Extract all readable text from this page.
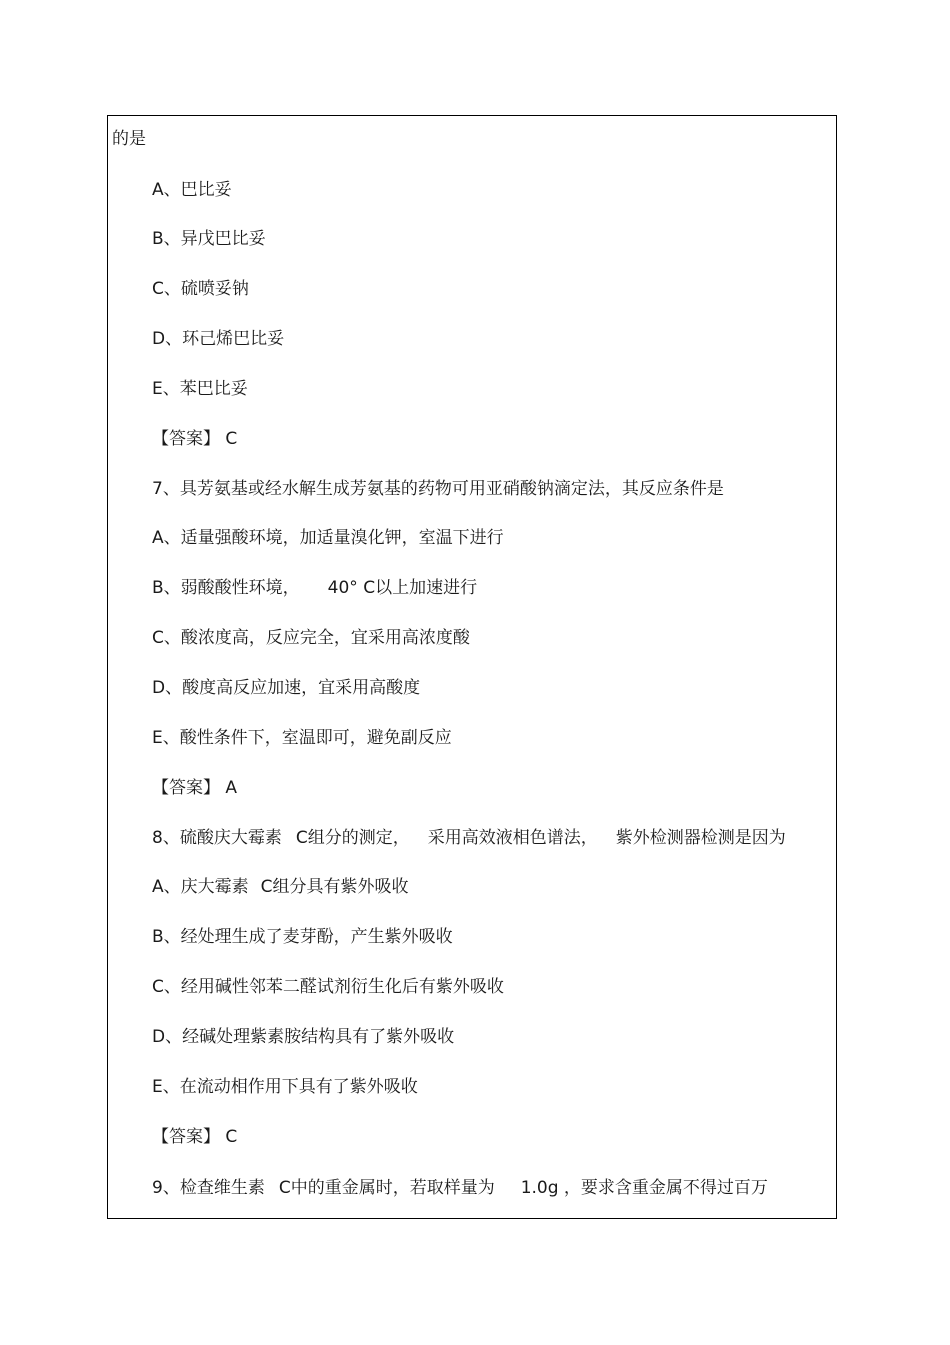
的是
A、巴比妥
B、异戊巴比妥
C、硫喷妥钠
D、环己烯巴比妥
E、苯巴比妥
【答案】 C
7、具芳氨基或经水解生成芳氨基的药物可用亚硝酸钠滴定法，其反应条件是
A、适量强酸环境，加适量溴化钾，室温下进行
B、弱酸酸性环境， 40° C以上加速进行
C、酸浓度高，反应完全，宜采用高浓度酸
D、酸度高反应加速，宜采用高酸度
E、酸性条件下，室温即可，避免副反应
【答案】 A
8、硫酸庆大霉素 C组分的测定， 采用高效液相色谱法， 紫外检测器检测是因为
A、庆大霉素 C组分具有紫外吸收
B、经处理生成了麦芽酚，产生紫外吸收
C、经用碱性邻苯二醛试剂衍生化后有紫外吸收
D、经碱处理紫素胺结构具有了紫外吸收
E、在流动相作用下具有了紫外吸收
【答案】 C
9、检查维生素 C中的重金属时，若取样量为 1.0g ，要求含重金属不得过百万
